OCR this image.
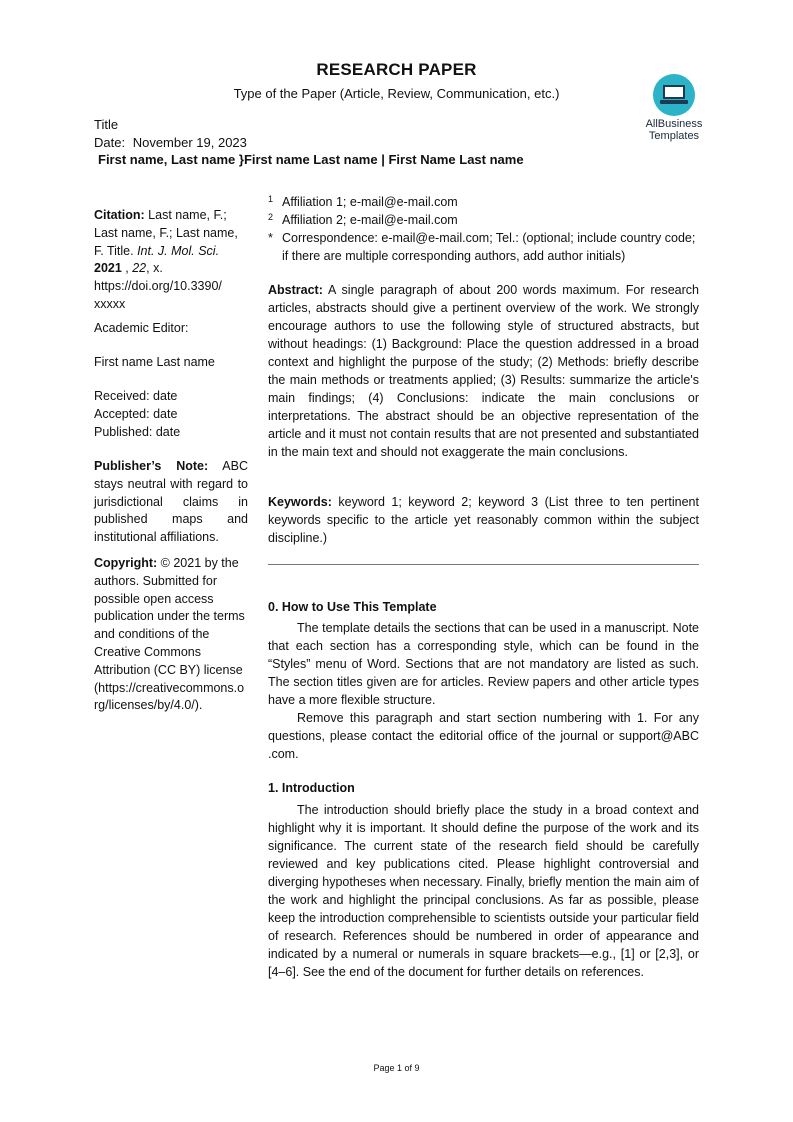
RESEARCH PAPER
Type of the Paper (Article, Review, Communication, etc.)
AllBusiness
Templates
Title
Date: November 19, 2023
First name, Last name }First name Last name | First Name Last name
1 Affiliation 1; e-mail@e-mail.com
2 Affiliation 2; e-mail@e-mail.com
* Correspondence: e-mail@e-mail.com; Tel.: (optional; include country code; if there are multiple corresponding authors, add author initials)

Citation: Last name, F.; Last name, F.; Last name, F. Title. Int. J. Mol. Sci. 2021 , 22, x. https://doi.org/10.3390/ xxxxx

Academic Editor:
First name Last name

Received: date

Accepted: date

Published: date

Publisher’s Note: ABC stays neutral with regard to jurisdictional claims in published maps and institutional affiliations.

Copyright: © 2021 by the authors. Submitted for possible open access publication under the terms and conditions of the Creative Commons Attribution (CC BY) license (https://creativecommons.org/licenses/by/4.0/).

Abstract: A single paragraph of about 200 words maximum. For research articles, abstracts should give a pertinent overview of the work. We strongly encourage authors to use the following style of structured abstracts, but without headings: (1) Background: Place the question addressed in a broad context and highlight the purpose of the study; (2) Methods: briefly describe the main methods or treatments applied; (3) Results: summarize the article's main findings; (4) Conclusions: indicate the main conclusions or interpretations. The abstract should be an objective representation of the article and it must not contain results that are not presented and substantiated in the main text and should not exaggerate the main conclusions.

Keywords: keyword 1; keyword 2; keyword 3 (List three to ten pertinent keywords specific to the article yet reasonably common within the subject discipline.)

0. How to Use This Template

The template details the sections that can be used in a manuscript. Note that each section has a corresponding style, which can be found in the “Styles” menu of Word. Sections that are not mandatory are listed as such. The section titles given are for articles. Review papers and other article types have a more flexible structure.

Remove this paragraph and start section numbering with 1. For any questions, please contact the editorial office of the journal or support@ABC .com.

1. Introduction

The introduction should briefly place the study in a broad context and highlight why it is important. It should define the purpose of the work and its significance. The current state of the research field should be carefully reviewed and key publications cited. Please highlight controversial and diverging hypotheses when necessary. Finally, briefly mention the main aim of the work and highlight the principal conclusions. As far as possible, please keep the introduction comprehensible to scientists outside your particular field of research. References should be numbered in order of appearance and indicated by a numeral or numerals in square brackets—e.g., [1] or [2,3], or [4–6]. See the end of the document for further details on references.

Page 1 of 9
